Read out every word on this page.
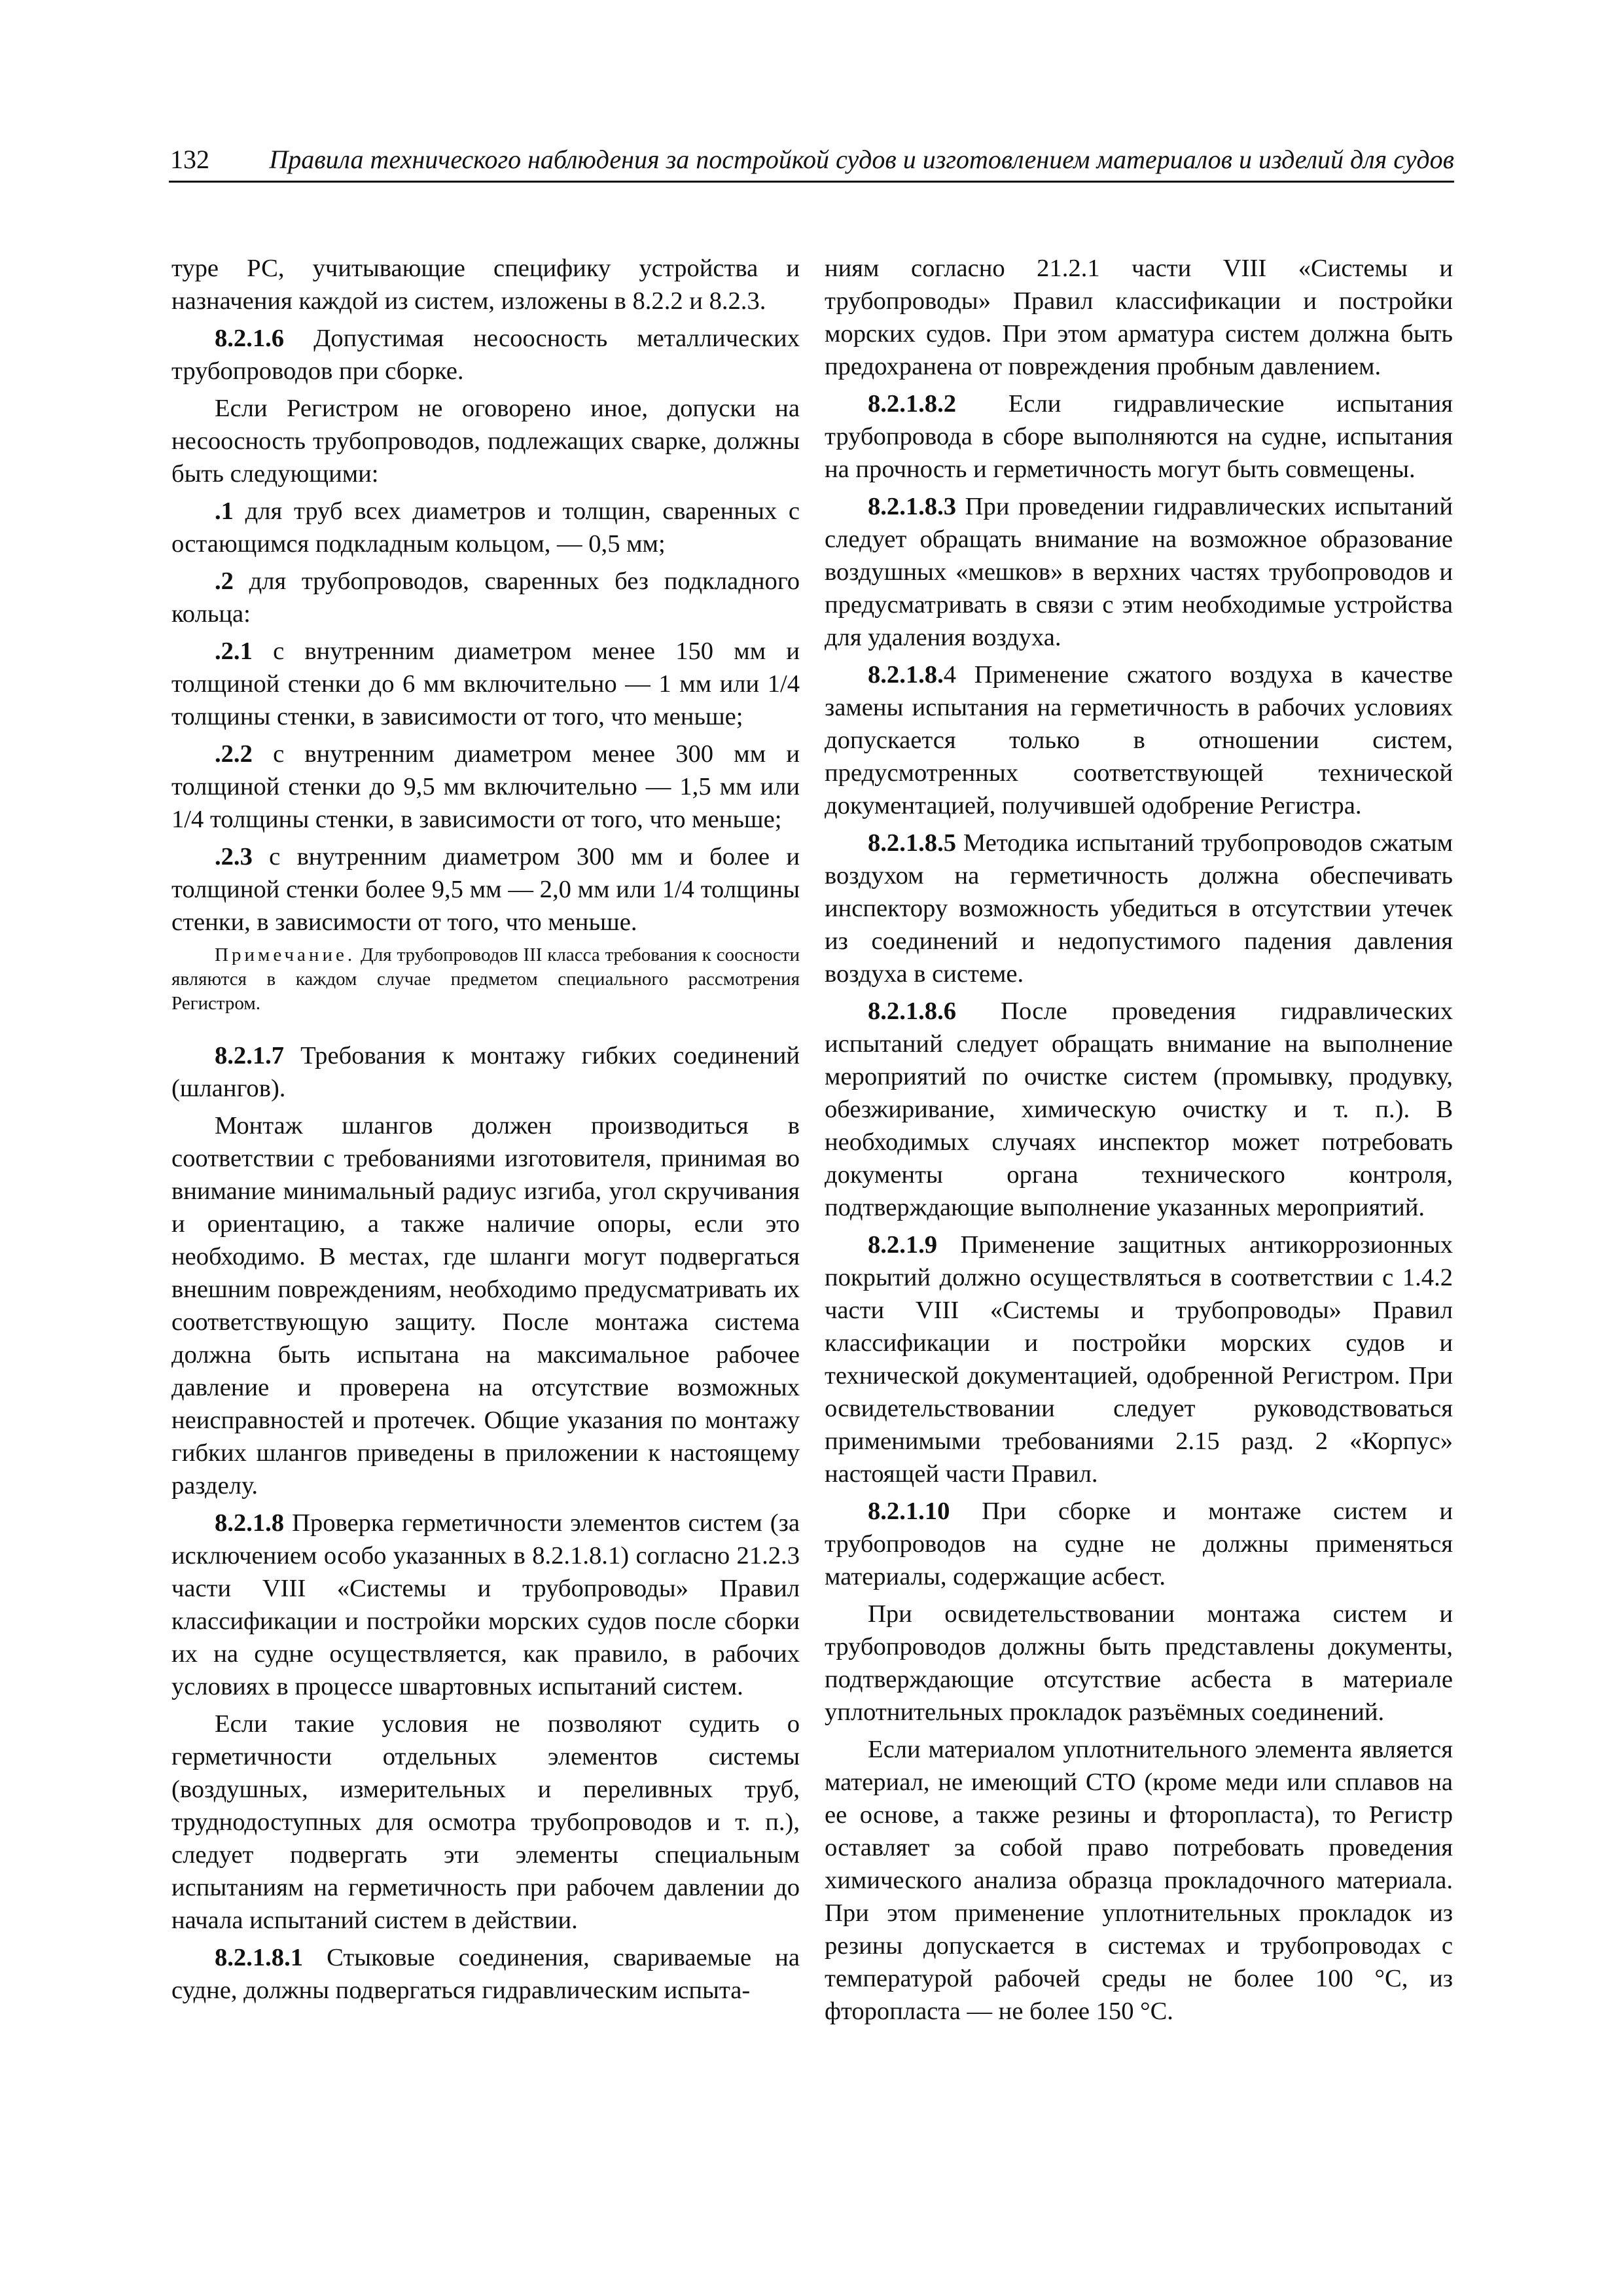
132 Правила технического наблюдения за постройкой судов и изготовлением материалов и изделий для судов

туре РС, учитывающие специфику устройства и назначения каждой из систем, изложены в 8.2.2 и 8.2.3.

8.2.1.6 Допустимая несоосность металлических трубопроводов при сборке.

Если Регистром не оговорено иное, допуски на несоосность трубопроводов, подлежащих сварке, должны быть следующими:

.1 для труб всех диаметров и толщин, сваренных с остающимся подкладным кольцом, — 0,5 мм;

.2 для трубопроводов, сваренных без подкладного кольца:

.2.1 с внутренним диаметром менее 150 мм и толщиной стенки до 6 мм включительно — 1 мм или 1/4 толщины стенки, в зависимости от того, что меньше;

.2.2 с внутренним диаметром менее 300 мм и толщиной стенки до 9,5 мм включительно — 1,5 мм или 1/4 толщины стенки, в зависимости от того, что меньше;

.2.3 с внутренним диаметром 300 мм и более и толщиной стенки более 9,5 мм — 2,0 мм или 1/4 толщины стенки, в зависимости от того, что меньше.

Примечание. Для трубопроводов III класса требования к соосности являются в каждом случае предметом специального рассмотрения Регистром.

8.2.1.7 Требования к монтажу гибких соединений (шлангов).

Монтаж шлангов должен производиться в соответствии с требованиями изготовителя, принимая во внимание минимальный радиус изгиба, угол скручивания и ориентацию, а также наличие опоры, если это необходимо. В местах, где шланги могут подвергаться внешним повреждениям, необходимо предусматривать их соответствующую защиту. После монтажа система должна быть испытана на максимальное рабочее давление и проверена на отсутствие возможных неисправностей и протечек. Общие указания по монтажу гибких шлангов приведены в приложении к настоящему разделу.

8.2.1.8 Проверка герметичности элементов систем (за исключением особо указанных в 8.2.1.8.1) согласно 21.2.3 части VIII «Системы и трубопроводы» Правил классификации и постройки морских судов после сборки их на судне осуществляется, как правило, в рабочих условиях в процессе швартовных испытаний систем.

Если такие условия не позволяют судить о герметичности отдельных элементов системы (воздушных, измерительных и переливных труб, труднодоступных для осмотра трубопроводов и т. п.), следует подвергать эти элементы специальным испытаниям на герметичность при рабочем давлении до начала испытаний систем в действии.

8.2.1.8.1 Стыковые соединения, свариваемые на судне, должны подвергаться гидравлическим испыта-

ниям согласно 21.2.1 части VIII «Системы и трубопроводы» Правил классификации и постройки морских судов. При этом арматура систем должна быть предохранена от повреждения пробным давлением.

8.2.1.8.2 Если гидравлические испытания трубопровода в сборе выполняются на судне, испытания на прочность и герметичность могут быть совмещены.

8.2.1.8.3 При проведении гидравлических испытаний следует обращать внимание на возможное образование воздушных «мешков» в верхних частях трубопроводов и предусматривать в связи с этим необходимые устройства для удаления воздуха.

8.2.1.8.4 Применение сжатого воздуха в качестве замены испытания на герметичность в рабочих условиях допускается только в отношении систем, предусмотренных соответствующей технической документацией, получившей одобрение Регистра.

8.2.1.8.5 Методика испытаний трубопроводов сжатым воздухом на герметичность должна обеспечивать инспектору возможность убедиться в отсутствии утечек из соединений и недопустимого падения давления воздуха в системе.

8.2.1.8.6 После проведения гидравлических испытаний следует обращать внимание на выполнение мероприятий по очистке систем (промывку, продувку, обезжиривание, химическую очистку и т. п.). В необходимых случаях инспектор может потребовать документы органа технического контроля, подтверждающие выполнение указанных мероприятий.

8.2.1.9 Применение защитных антикоррозионных покрытий должно осуществляться в соответствии с 1.4.2 части VIII «Системы и трубопроводы» Правил классификации и постройки морских судов и технической документацией, одобренной Регистром. При освидетельствовании следует руководствоваться применимыми требованиями 2.15 разд. 2 «Корпус» настоящей части Правил.

8.2.1.10 При сборке и монтаже систем и трубопроводов на судне не должны применяться материалы, содержащие асбест.

При освидетельствовании монтажа систем и трубопроводов должны быть представлены документы, подтверждающие отсутствие асбеста в материале уплотнительных прокладок разъёмных соединений.

Если материалом уплотнительного элемента является материал, не имеющий СТО (кроме меди или сплавов на ее основе, а также резины и фторопласта), то Регистр оставляет за собой право потребовать проведения химического анализа образца прокладочного материала. При этом применение уплотнительных прокладок из резины допускается в системах и трубопроводах с температурой рабочей среды не более 100 °С, из фторопласта — не более 150 °С.
